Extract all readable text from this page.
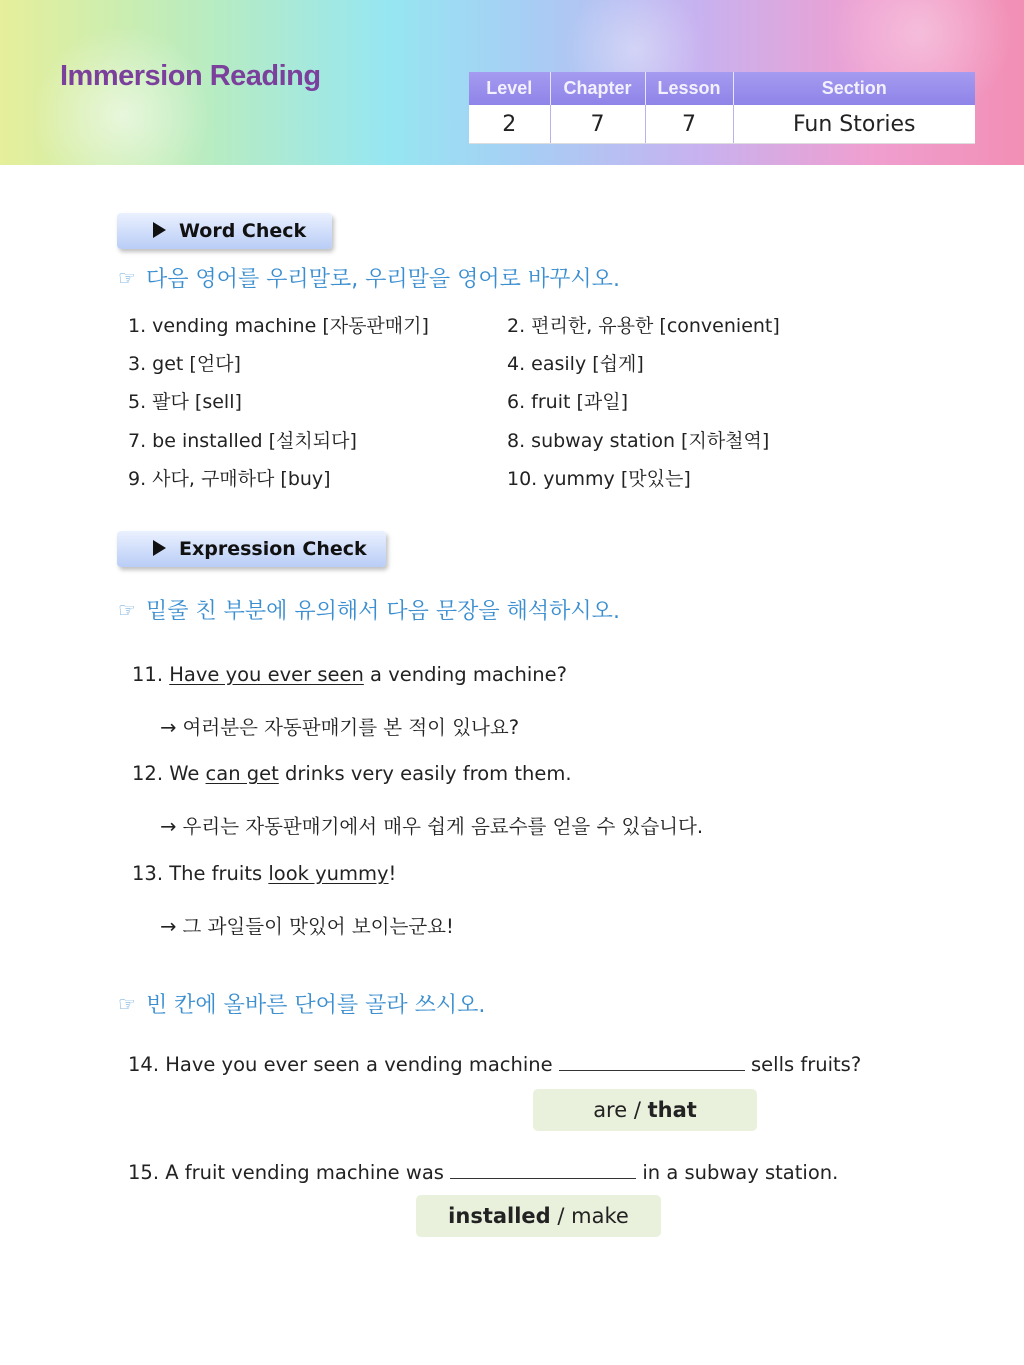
Immersion Reading	Level	Chapter	Lesson	Section
2	7	7	Fun Stories
Word Check
☞ 다음 영어를 우리말로, 우리말을 영어로 바꾸시오.
1. vending machine [자동판매기]	2. 편리한, 유용한 [convenient]
3. get [얻다]	4. easily [쉽게]
5. 팔다 [sell]	6. fruit [과일]
7. be installed [설치되다]	8. subway station [지하철역]
9. 사다, 구매하다 [buy]	10. yummy [맛있는]
Expression Check
☞ 밑줄 친 부분에 유의해서 다음 문장을 해석하시오.
11. Have you ever seen a vending machine?
→ 여러분은 자동판매기를 본 적이 있나요?
12. We can get drinks very easily from them.
→ 우리는 자동판매기에서 매우 쉽게 음료수를 얻을 수 있습니다.
13. The fruits look yummy!
→ 그 과일들이 맛있어 보이는군요!
☞ 빈 칸에 올바른 단어를 골라 쓰시오.
14. Have you ever seen a vending machine	sells fruits?
are / that
15. A fruit vending machine was	in a subway station.
installed / make
